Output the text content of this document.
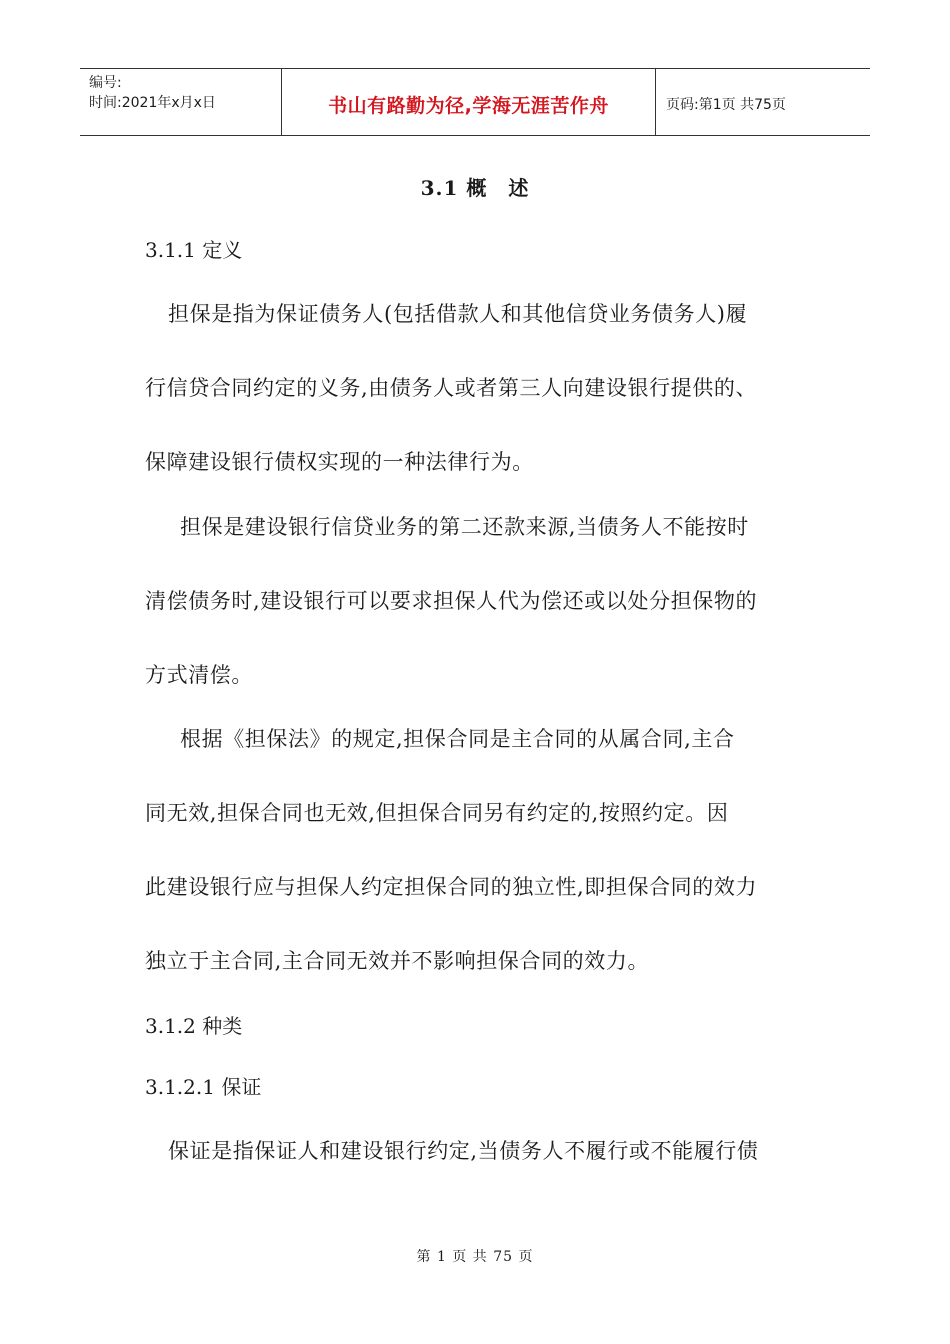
编号:
时间:2021年x月x日	书山有路勤为径,学海无涯苦作舟	页码:第1页 共75页
3.1 概　述
3.1.1 定义
担保是指为保证债务人(包括借款人和其他信贷业务债务人)履
行信贷合同约定的义务,由债务人或者第三人向建设银行提供的、
保障建设银行债权实现的一种法律行为。
担保是建设银行信贷业务的第二还款来源,当债务人不能按时
清偿债务时,建设银行可以要求担保人代为偿还或以处分担保物的
方式清偿。
根据《担保法》的规定,担保合同是主合同的从属合同,主合
同无效,担保合同也无效,但担保合同另有约定的,按照约定。因
此建设银行应与担保人约定担保合同的独立性,即担保合同的效力
独立于主合同,主合同无效并不影响担保合同的效力。
3.1.2 种类
3.1.2.1 保证
保证是指保证人和建设银行约定,当债务人不履行或不能履行债
第 1 页 共 75 页
